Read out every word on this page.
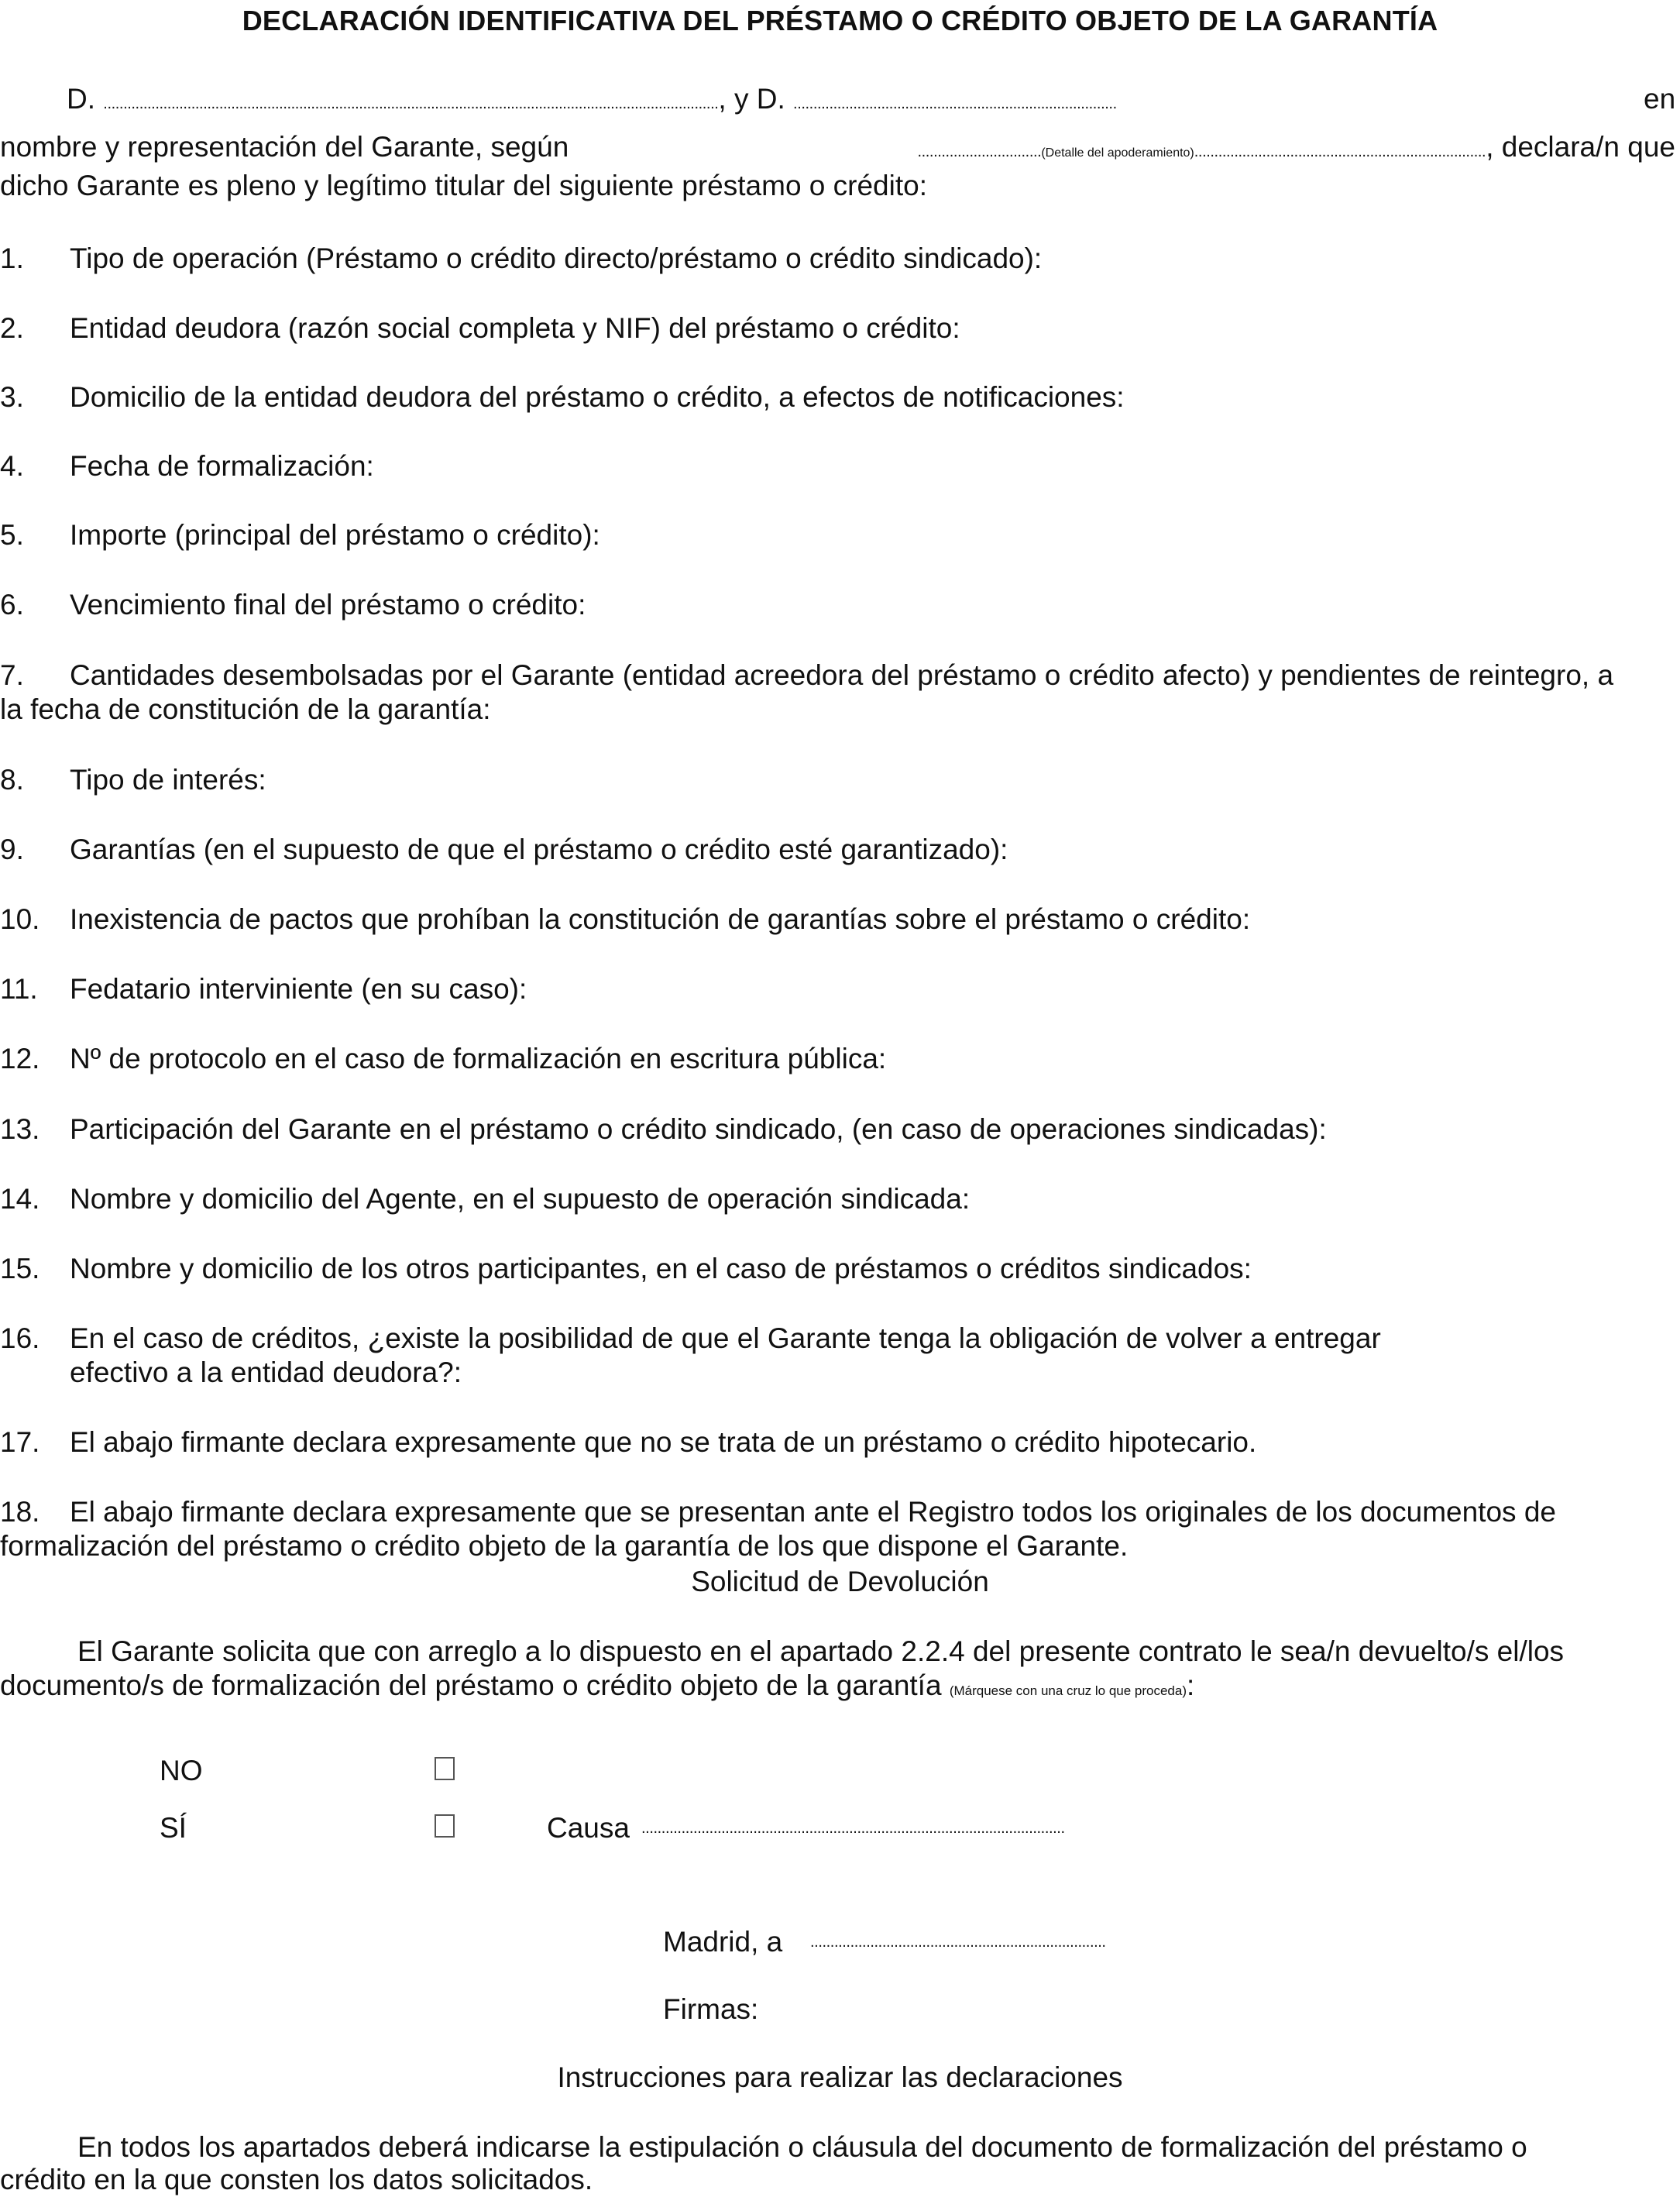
DECLARACIÓN IDENTIFICATIVA DEL PRÉSTAMO O CRÉDITO OBJETO DE LA GARANTÍA
D. .........................................................................................................................................................., y D. .................................................................................	en
nombre y representación del Garante, según	...............................(Detalle del apoderamiento)........................................................................., declara/n que
dicho Garante es pleno y legítimo titular del siguiente préstamo o crédito:
1. Tipo de operación (Préstamo o crédito directo/préstamo o crédito sindicado):
2. Entidad deudora (razón social completa y NIF) del préstamo o crédito:
3. Domicilio de la entidad deudora del préstamo o crédito, a efectos de notificaciones:
4. Fecha de formalización:
5. Importe (principal del préstamo o crédito):
6. Vencimiento final del préstamo o crédito:
7. Cantidades desembolsadas por el Garante (entidad acreedora del préstamo o crédito afecto) y pendientes de reintegro, a
la fecha de constitución de la garantía:
8. Tipo de interés:
9. Garantías (en el supuesto de que el préstamo o crédito esté garantizado):
10. Inexistencia de pactos que prohíban la constitución de garantías sobre el préstamo o crédito:
11. Fedatario interviniente (en su caso):
12. Nº de protocolo en el caso de formalización en escritura pública:
13. Participación del Garante en el préstamo o crédito sindicado, (en caso de operaciones sindicadas):
14. Nombre y domicilio del Agente, en el supuesto de operación sindicada:
15. Nombre y domicilio de los otros participantes, en el caso de préstamos o créditos sindicados:
16. En el caso de créditos, ¿existe la posibilidad de que el Garante tenga la obligación de volver a entregar
efectivo a la entidad deudora?:
17. El abajo firmante declara expresamente que no se trata de un préstamo o crédito hipotecario.
18. El abajo firmante declara expresamente que se presentan ante el Registro todos los originales de los documentos de
formalización del préstamo o crédito objeto de la garantía de los que dispone el Garante.
Solicitud de Devolución
El Garante solicita que con arreglo a lo dispuesto en el apartado 2.2.4 del presente contrato le sea/n devuelto/s el/los
documento/s de formalización del préstamo o crédito objeto de la garantía (Márquese con una cruz lo que proceda):
NO
SÍ	Causa ..........................................................................................................
Madrid, a ..........................................................................
Firmas:
Instrucciones para realizar las declaraciones
En todos los apartados deberá indicarse la estipulación o cláusula del documento de formalización del préstamo o
crédito en la que consten los datos solicitados.
